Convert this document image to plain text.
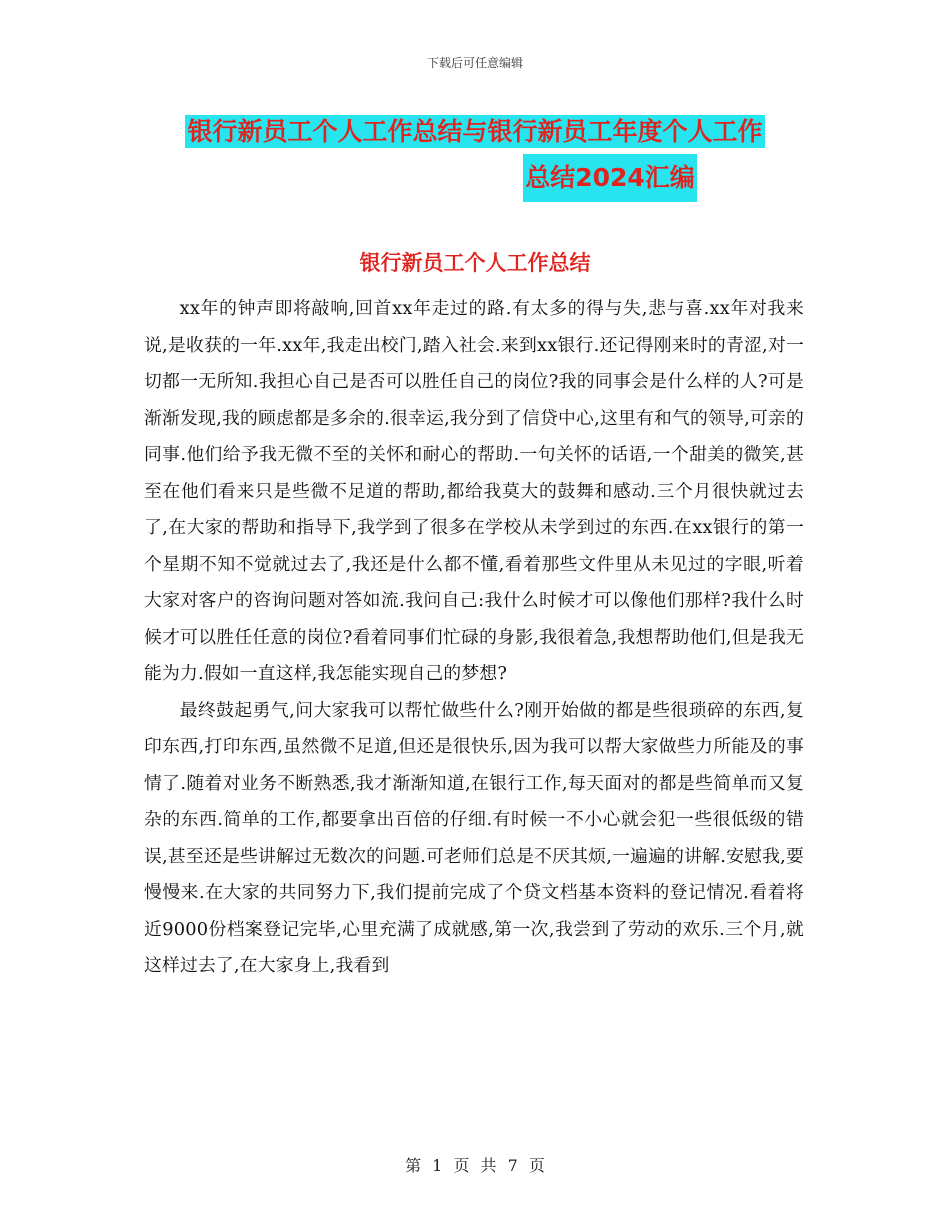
下载后可任意编辑
银行新员工个人工作总结与银行新员工年度个人工作
总结2024汇编
银行新员工个人工作总结

xx年的钟声即将敲响,回首xx年走过的路.有太多的得与失,悲与喜.xx年对我来说,是收获的一年.xx年,我走出校门,踏入社会.来到xx银行.还记得刚来时的青涩,对一切都一无所知.我担心自己是否可以胜任自己的岗位?我的同事会是什么样的人?可是渐渐发现,我的顾虑都是多余的.很幸运,我分到了信贷中心,这里有和气的领导,可亲的同事.他们给予我无微不至的关怀和耐心的帮助.一句关怀的话语,一个甜美的微笑,甚至在他们看来只是些微不足道的帮助,都给我莫大的鼓舞和感动.三个月很快就过去了,在大家的帮助和指导下,我学到了很多在学校从未学到过的东西.在xx银行的第一个星期不知不觉就过去了,我还是什么都不懂,看着那些文件里从未见过的字眼,听着大家对客户的咨询问题对答如流.我问自己:我什么时候才可以像他们那样?我什么时候才可以胜任任意的岗位?看着同事们忙碌的身影,我很着急,我想帮助他们,但是我无能为力.假如一直这样,我怎能实现自己的梦想?

最终鼓起勇气,问大家我可以帮忙做些什么?刚开始做的都是些很琐碎的东西,复印东西,打印东西,虽然微不足道,但还是很快乐,因为我可以帮大家做些力所能及的事情了.随着对业务不断熟悉,我才渐渐知道,在银行工作,每天面对的都是些简单而又复杂的东西.简单的工作,都要拿出百倍的仔细.有时候一不小心就会犯一些很低级的错误,甚至还是些讲解过无数次的问题.可老师们总是不厌其烦,一遍遍的讲解.安慰我,要慢慢来.在大家的共同努力下,我们提前完成了个贷文档基本资料的登记情况.看着将近9000份档案登记完毕,心里充满了成就感,第一次,我尝到了劳动的欢乐.三个月,就这样过去了,在大家身上,我看到

第 1 页 共 7 页
